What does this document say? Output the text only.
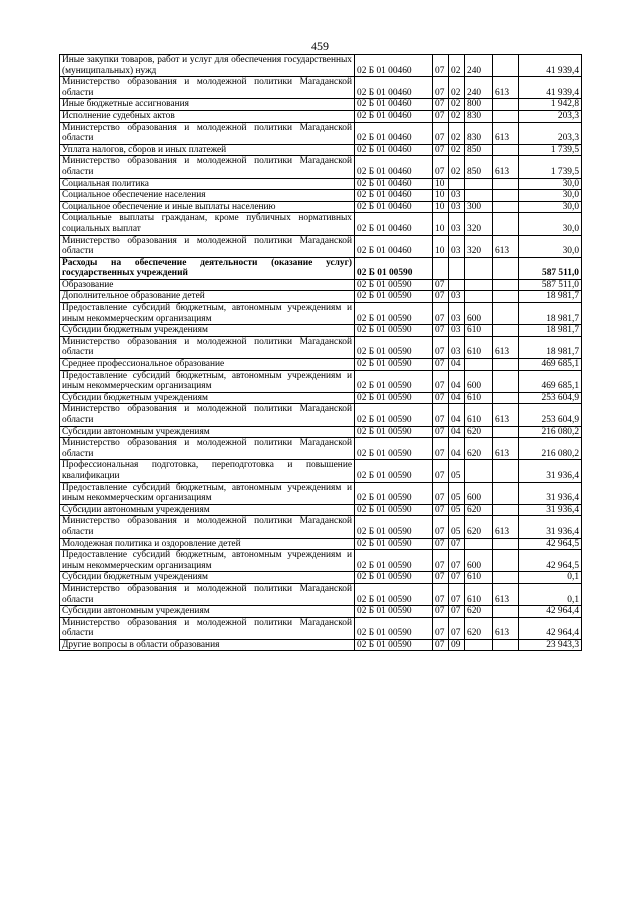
459
Иные закупки товаров, работ и услуг для обеспечения государственных (муниципальных) нужд	02 Б 01 00460	07	02	240		41 939,4
Министерство образования и молодежной политики Магаданской области	02 Б 01 00460	07	02	240	613	41 939,4
Иные бюджетные ассигнования	02 Б 01 00460	07	02	800		1 942,8
Исполнение судебных актов	02 Б 01 00460	07	02	830		203,3
Министерство образования и молодежной политики Магаданской области	02 Б 01 00460	07	02	830	613	203,3
Уплата налогов, сборов и иных платежей	02 Б 01 00460	07	02	850		1 739,5
Министерство образования и молодежной политики Магаданской области	02 Б 01 00460	07	02	850	613	1 739,5
Социальная политика	02 Б 01 00460	10				30,0
Социальное обеспечение населения	02 Б 01 00460	10	03			30,0
Социальное обеспечение и иные выплаты населению	02 Б 01 00460	10	03	300		30,0
Социальные выплаты гражданам, кроме публичных нормативных социальных выплат	02 Б 01 00460	10	03	320		30,0
Министерство образования и молодежной политики Магаданской области	02 Б 01 00460	10	03	320	613	30,0
Расходы на обеспечение деятельности (оказание услуг) государственных учреждений	02 Б 01 00590					587 511,0
Образование	02 Б 01 00590	07				587 511,0
Дополнительное образование детей	02 Б 01 00590	07	03			18 981,7
Предоставление субсидий бюджетным, автономным учреждениям и иным некоммерческим организациям	02 Б 01 00590	07	03	600		18 981,7
Субсидии бюджетным учреждениям	02 Б 01 00590	07	03	610		18 981,7
Министерство образования и молодежной политики Магаданской области	02 Б 01 00590	07	03	610	613	18 981,7
Среднее профессиональное образование	02 Б 01 00590	07	04			469 685,1
Предоставление субсидий бюджетным, автономным учреждениям и иным некоммерческим организациям	02 Б 01 00590	07	04	600		469 685,1
Субсидии бюджетным учреждениям	02 Б 01 00590	07	04	610		253 604,9
Министерство образования и молодежной политики Магаданской области	02 Б 01 00590	07	04	610	613	253 604,9
Субсидии автономным учреждениям	02 Б 01 00590	07	04	620		216 080,2
Министерство образования и молодежной политики Магаданской области	02 Б 01 00590	07	04	620	613	216 080,2
Профессиональная подготовка, переподготовка и повышение квалификации	02 Б 01 00590	07	05			31 936,4
Предоставление субсидий бюджетным, автономным учреждениям и иным некоммерческим организациям	02 Б 01 00590	07	05	600		31 936,4
Субсидии автономным учреждениям	02 Б 01 00590	07	05	620		31 936,4
Министерство образования и молодежной политики Магаданской области	02 Б 01 00590	07	05	620	613	31 936,4
Молодежная политика и оздоровление детей	02 Б 01 00590	07	07			42 964,5
Предоставление субсидий бюджетным, автономным учреждениям и иным некоммерческим организациям	02 Б 01 00590	07	07	600		42 964,5
Субсидии бюджетным учреждениям	02 Б 01 00590	07	07	610		0,1
Министерство образования и молодежной политики Магаданской области	02 Б 01 00590	07	07	610	613	0,1
Субсидии автономным учреждениям	02 Б 01 00590	07	07	620		42 964,4
Министерство образования и молодежной политики Магаданской области	02 Б 01 00590	07	07	620	613	42 964,4
Другие вопросы в области образования	02 Б 01 00590	07	09			23 943,3
